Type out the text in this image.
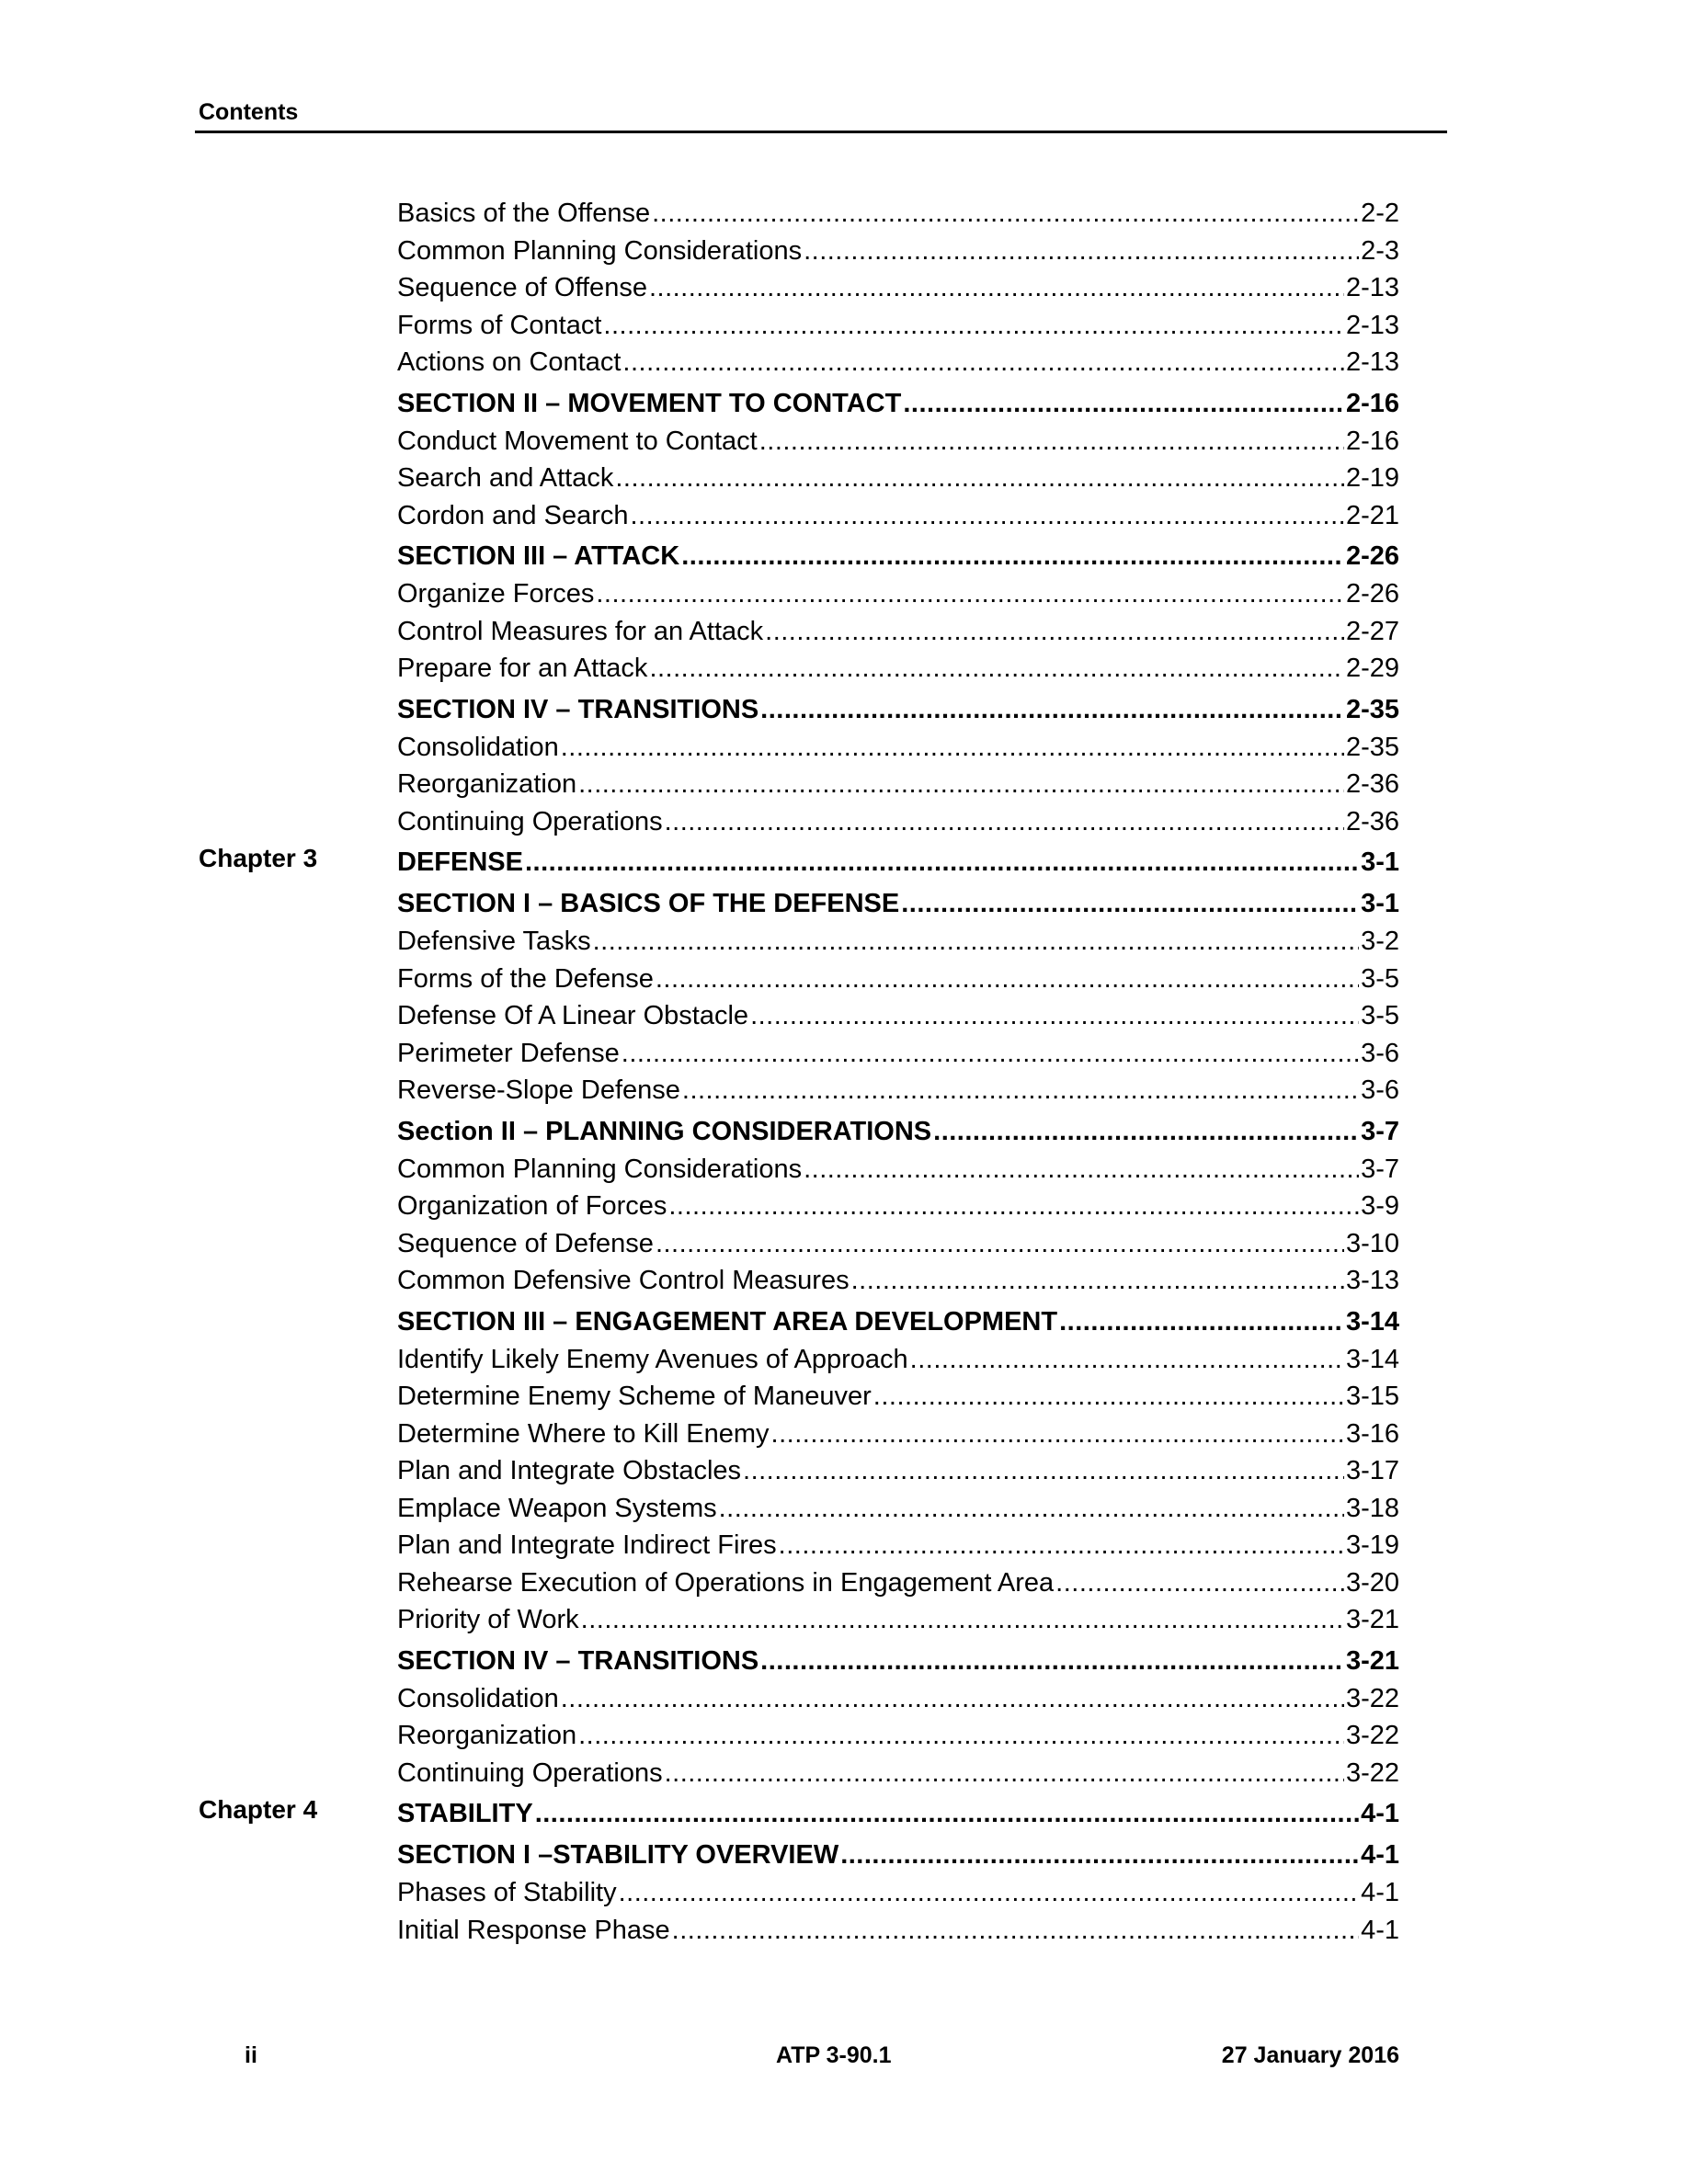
Contents
Basics of the Offense .....	2-2
Common Planning Considerations .....	2-3
Sequence of Offense .....	2-13
Forms of Contact .....	2-13
Actions on Contact .....	2-13
SECTION II – MOVEMENT TO CONTACT .....	2-16
Conduct Movement to Contact .....	2-16
Search and Attack .....	2-19
Cordon and Search .....	2-21
SECTION III – ATTACK .....	2-26
Organize Forces .....	2-26
Control Measures for an Attack .....	2-27
Prepare for an Attack .....	2-29
SECTION IV – TRANSITIONS .....	2-35
Consolidation .....	2-35
Reorganization .....	2-36
Continuing Operations .....	2-36
Chapter 3	DEFENSE .....	3-1
SECTION I – BASICS OF THE DEFENSE .....	3-1
Defensive Tasks .....	3-2
Forms of the Defense .....	3-5
Defense Of A Linear Obstacle .....	3-5
Perimeter Defense .....	3-6
Reverse-Slope Defense .....	3-6
Section II – PLANNING CONSIDERATIONS .....	3-7
Common Planning Considerations .....	3-7
Organization of Forces .....	3-9
Sequence of Defense .....	3-10
Common Defensive Control Measures .....	3-13
SECTION III – ENGAGEMENT AREA DEVELOPMENT .....	3-14
Identify Likely Enemy Avenues of Approach .....	3-14
Determine Enemy Scheme of Maneuver .....	3-15
Determine Where to Kill Enemy .....	3-16
Plan and Integrate Obstacles .....	3-17
Emplace Weapon Systems .....	3-18
Plan and Integrate Indirect Fires .....	3-19
Rehearse Execution of Operations in Engagement Area .....	3-20
Priority of Work .....	3-21
SECTION IV – TRANSITIONS .....	3-21
Consolidation .....	3-22
Reorganization .....	3-22
Continuing Operations .....	3-22
Chapter 4	STABILITY .....	4-1
SECTION I –STABILITY OVERVIEW .....	4-1
Phases of Stability .....	4-1
Initial Response Phase .....	4-1
ii	ATP 3-90.1	27 January 2016
